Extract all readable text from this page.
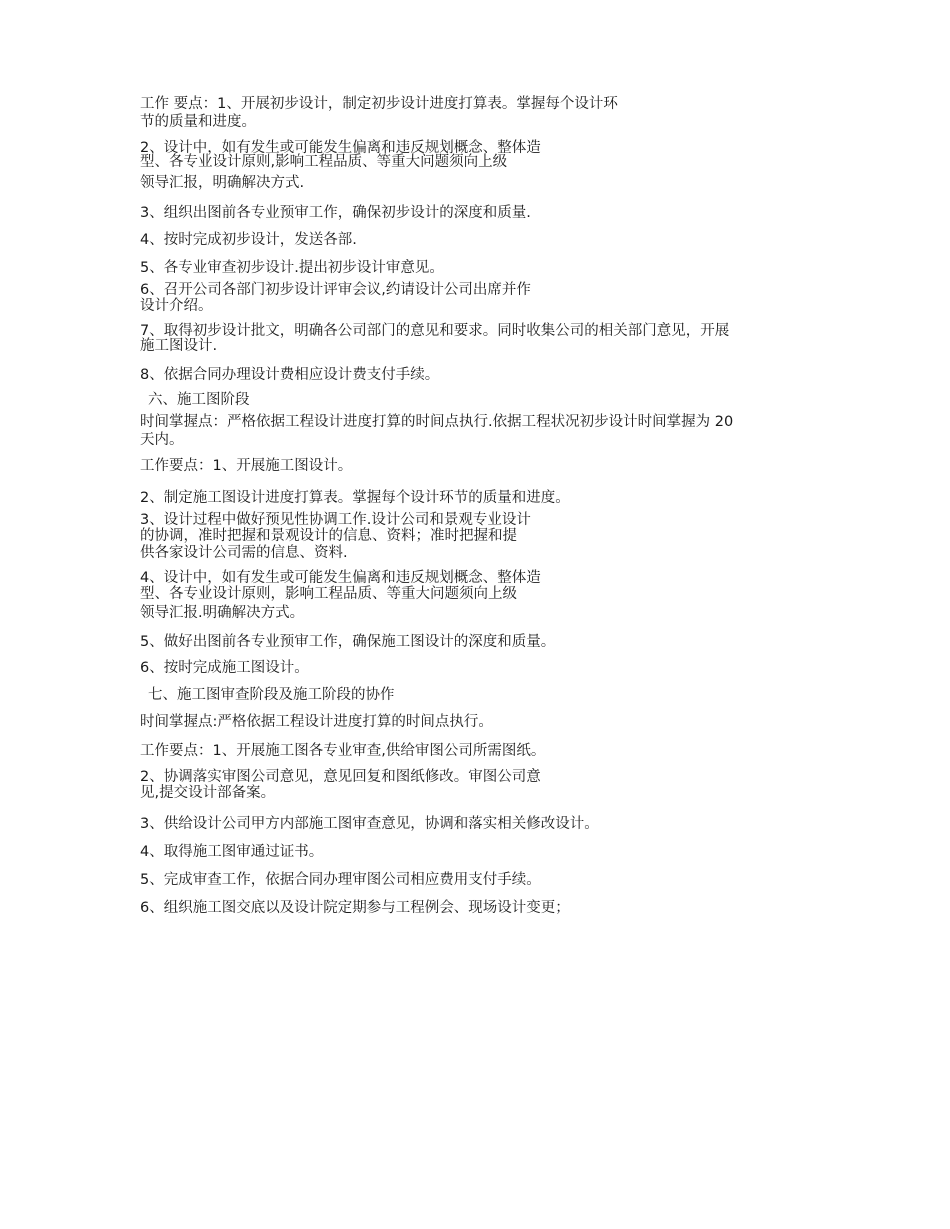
工作 要点：1、开展初步设计，制定初步设计进度打算表。掌握每个设计环
节的质量和进度。
2、设计中，如有发生或可能发生偏离和违反规划概念、整体造
型、各专业设计原则,影响工程品质、等重大问题须向上级
领导汇报，明确解决方式.
3、组织出图前各专业预审工作，确保初步设计的深度和质量.
4、按时完成初步设计，发送各部.
5、各专业审查初步设计.提出初步设计审意见。
6、召开公司各部门初步设计评审会议,约请设计公司出席并作
设计介绍。
7、取得初步设计批文，明确各公司部门的意见和要求。同时收集公司的相关部门意见，开展
施工图设计.
8、依据合同办理设计费相应设计费支付手续。
六、施工图阶段
时间掌握点：严格依据工程设计进度打算的时间点执行.依据工程状况初步设计时间掌握为 20
天内。
工作要点：1、开展施工图设计。
2、制定施工图设计进度打算表。掌握每个设计环节的质量和进度。
3、设计过程中做好预见性协调工作.设计公司和景观专业设计
的协调，准时把握和景观设计的信息、资料；准时把握和提
供各家设计公司需的信息、资料.
4、设计中，如有发生或可能发生偏离和违反规划概念、整体造
型、各专业设计原则，影响工程品质、等重大问题须向上级
领导汇报.明确解决方式。
5、做好出图前各专业预审工作，确保施工图设计的深度和质量。
6、按时完成施工图设计。
七、施工图审查阶段及施工阶段的协作
时间掌握点:严格依据工程设计进度打算的时间点执行。
工作要点：1、开展施工图各专业审查,供给审图公司所需图纸。
2、协调落实审图公司意见，意见回复和图纸修改。审图公司意
见,提交设计部备案。
3、供给设计公司甲方内部施工图审查意见，协调和落实相关修改设计。
4、取得施工图审通过证书。
5、完成审查工作，依据合同办理审图公司相应费用支付手续。
6、组织施工图交底以及设计院定期参与工程例会、现场设计变更；
